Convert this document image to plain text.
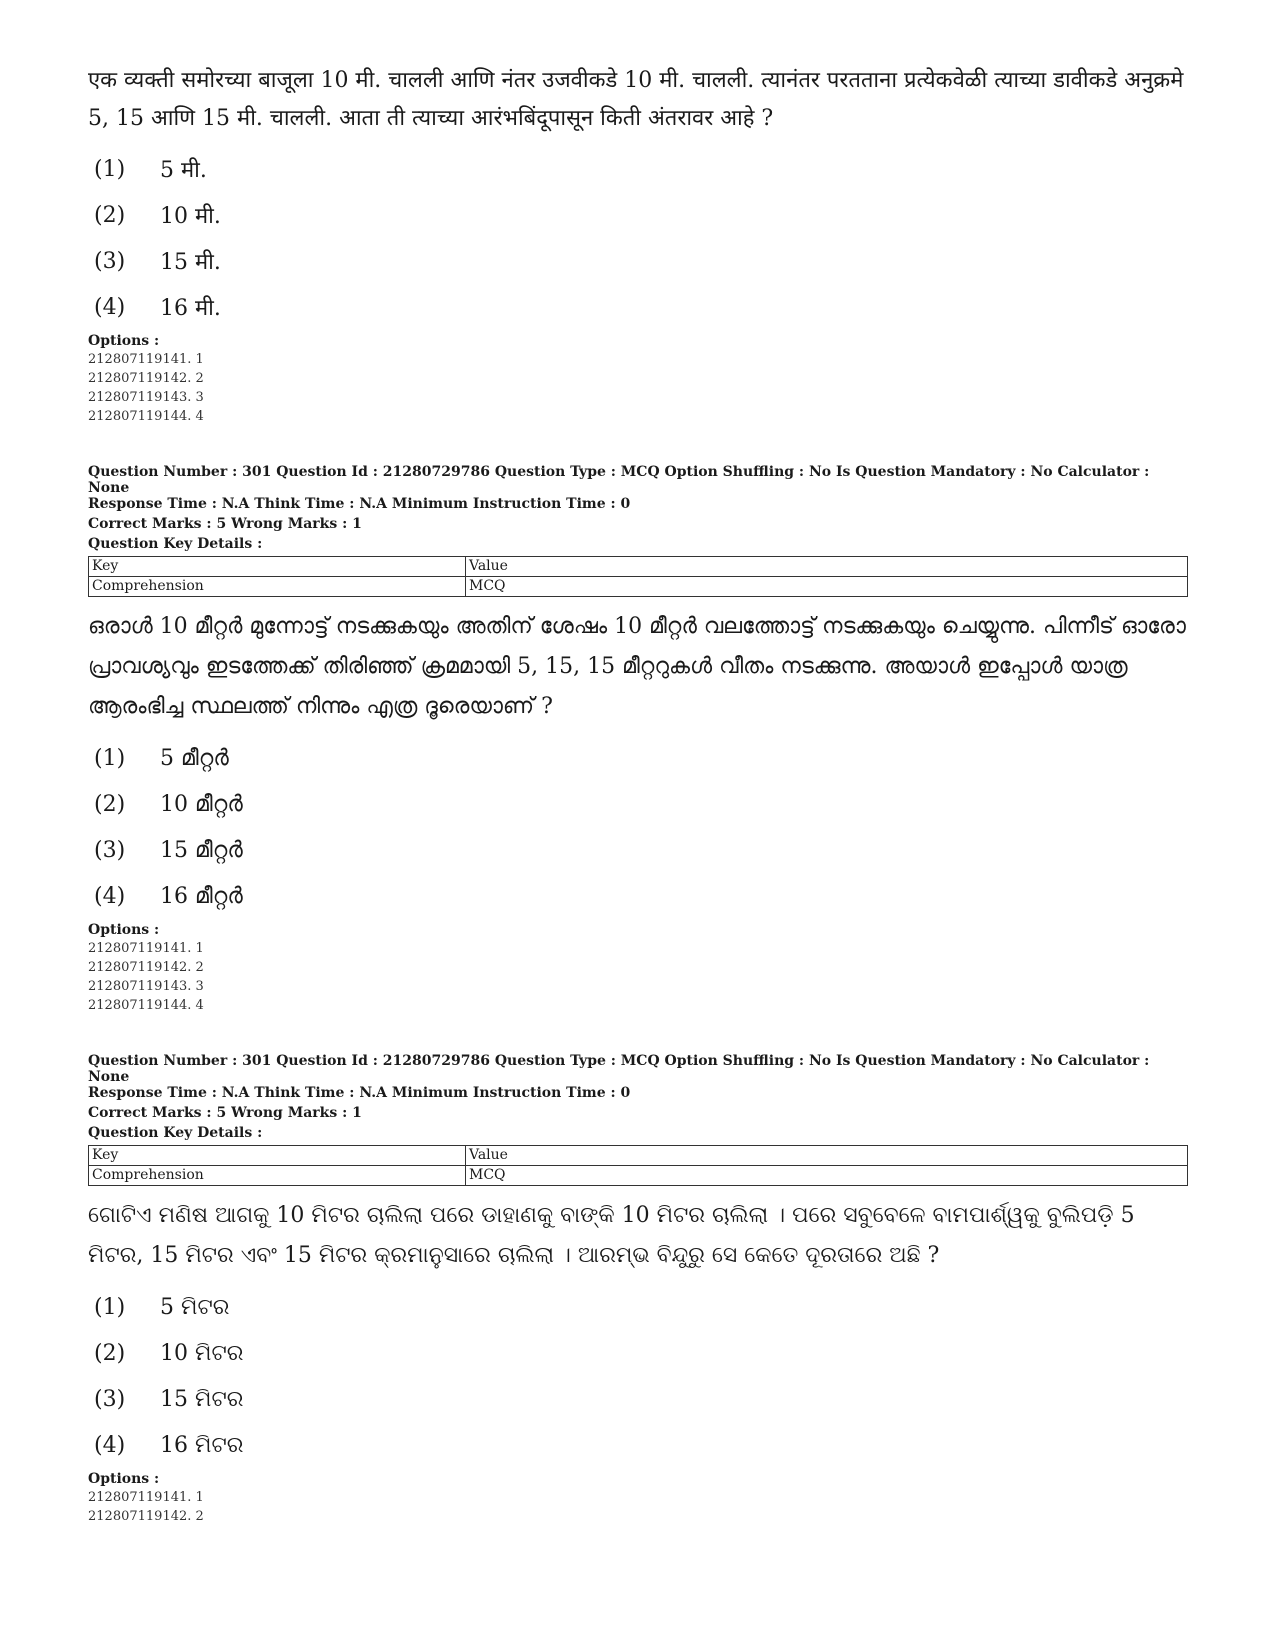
एक व्यक्ती समोरच्या बाजूला 10 मी. चालली आणि नंतर उजवीकडे 10 मी. चालली. त्यानंतर परतताना प्रत्येकवेळी त्याच्या डावीकडे अनुक्रमे 5, 15 आणि 15 मी. चालली. आता ती त्याच्या आरंभबिंदूपासून किती अंतरावर आहे ?

(1)	5 मी.
(2)	10 मी.
(3)	15 मी.
(4)	16 मी.
Options :
212807119141. 1
212807119142. 2
212807119143. 3
212807119144. 4
Question Number : 301 Question Id : 21280729786 Question Type : MCQ Option Shuffling : No Is Question Mandatory : No Calculator : None
Response Time : N.A Think Time : N.A Minimum Instruction Time : 0
Correct Marks : 5 Wrong Marks : 1
Question Key Details :
Key	Value
Comprehension	MCQ

ഒരാൾ 10 മീറ്റർ മുന്നോട്ട് നടക്കുകയും അതിന് ശേഷം 10 മീറ്റർ വലത്തോട്ട് നടക്കുകയും ചെയ്യുന്നു. പിന്നീട് ഓരോ പ്രാവശ്യവും ഇടത്തേക്ക് തിരിഞ്ഞ് ക്രമമായി 5, 15, 15 മീറ്ററുകൾ വീതം നടക്കുന്നു. അയാൾ ഇപ്പോൾ യാത്ര ആരംഭിച്ച സ്ഥലത്ത് നിന്നും എത്ര ദൂരെയാണ് ?

(1)	5 മീറ്റർ
(2)	10 മീറ്റർ
(3)	15 മീറ്റർ
(4)	16 മീറ്റർ
Options :
212807119141. 1
212807119142. 2
212807119143. 3
212807119144. 4
Question Number : 301 Question Id : 21280729786 Question Type : MCQ Option Shuffling : No Is Question Mandatory : No Calculator : None
Response Time : N.A Think Time : N.A Minimum Instruction Time : 0
Correct Marks : 5 Wrong Marks : 1
Question Key Details :
Key	Value
Comprehension	MCQ

ଗୋଟିଏ ମଣିଷ ଆଗକୁ 10 ମିଟର ଚାଲିଲା ପରେ ଡାହାଣକୁ ବାଙ୍କି 10 ମିଟର ଚାଲିଲା । ପରେ ସବୁବେଳେ ବାମପାର୍ଶ୍ୱକୁ ବୁଲିପଡ଼ି 5 ମିଟର, 15 ମିଟର ଏବଂ 15 ମିଟର କ୍ରମାନୁସାରେ ଚାଲିଲା । ଆରମ୍ଭ ବିନ୍ଦୁରୁ ସେ କେତେ ଦୂରତାରେ ଅଛି ?

(1)	5 ମିଟର
(2)	10 ମିଟର
(3)	15 ମିଟର
(4)	16 ମିଟର
Options :
212807119141. 1
212807119142. 2
